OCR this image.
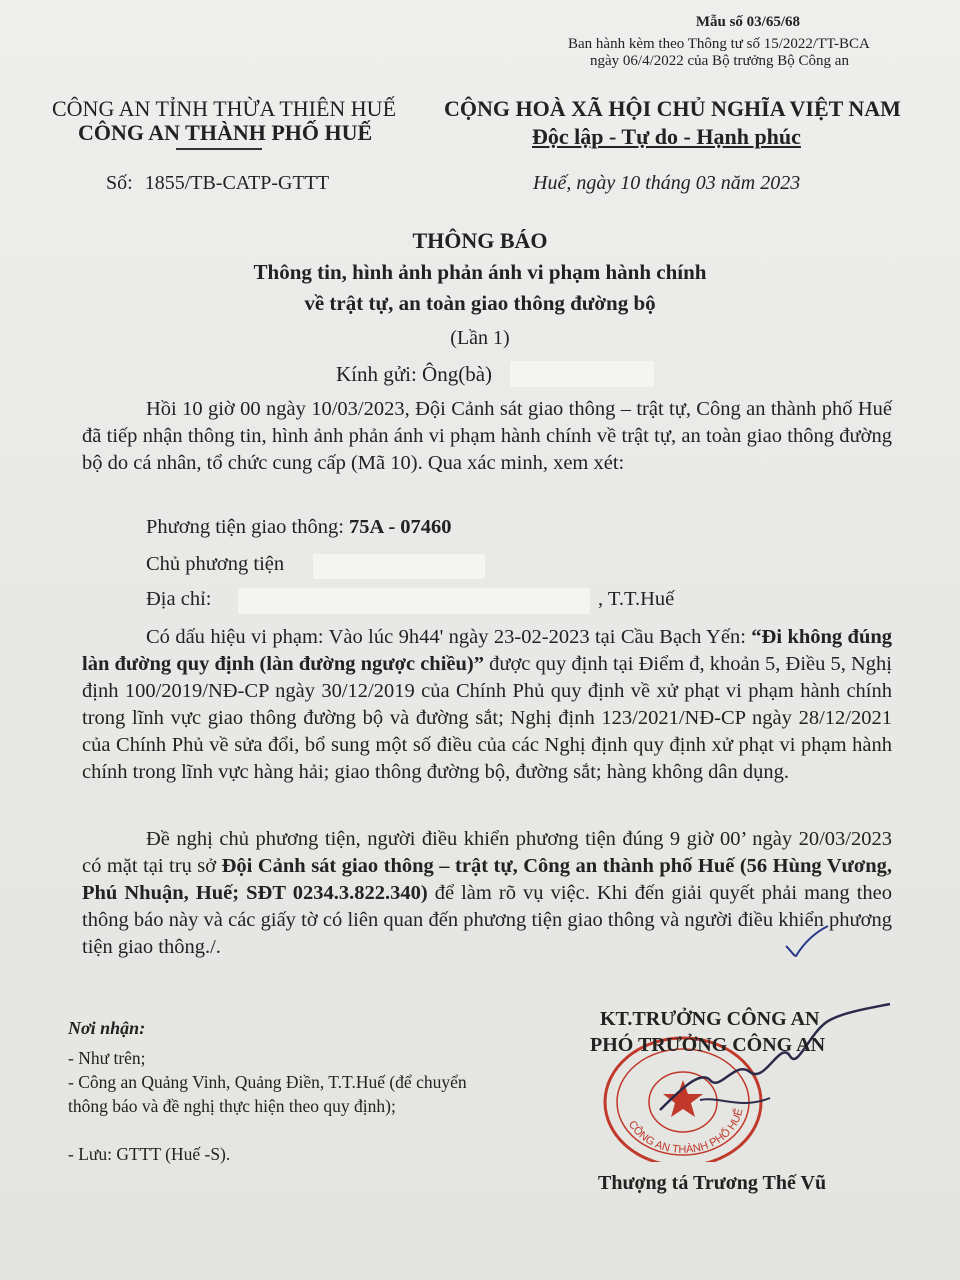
Mẫu số 03/65/68
Ban hành kèm theo Thông tư số 15/2022/TT-BCA
ngày 06/4/2022 của Bộ trưởng Bộ Công an
CÔNG AN TỈNH THỪA THIÊN HUẾ
CÔNG AN THÀNH PHỐ HUẾ
CỘNG HOÀ XÃ HỘI CHỦ NGHĨA VIỆT NAM
Độc lập - Tự do - Hạnh phúc
Số: 1855/TB-CATP-GTTT	Huế, ngày 10 tháng 03 năm 2023
THÔNG BÁO
Thông tin, hình ảnh phản ánh vi phạm hành chính
về trật tự, an toàn giao thông đường bộ
(Lần 1)
Kính gửi: Ông(bà)
Hồi 10 giờ 00 ngày 10/03/2023, Đội Cảnh sát giao thông – trật tự, Công an thành phố Huế đã tiếp nhận thông tin, hình ảnh phản ánh vi phạm hành chính về trật tự, an toàn giao thông đường bộ do cá nhân, tổ chức cung cấp (Mã 10). Qua xác minh, xem xét:
Phương tiện giao thông: 75A - 07460
Chủ phương tiện
Địa chỉ:	, T.T.Huế
Có dấu hiệu vi phạm: Vào lúc 9h44' ngày 23-02-2023 tại Cầu Bạch Yến: “Đi không đúng làn đường quy định (làn đường ngược chiều)” được quy định tại Điểm đ, khoản 5, Điều 5, Nghị định 100/2019/NĐ-CP ngày 30/12/2019 của Chính Phủ quy định về xử phạt vi phạm hành chính trong lĩnh vực giao thông đường bộ và đường sắt; Nghị định 123/2021/NĐ-CP ngày 28/12/2021 của Chính Phủ về sửa đổi, bổ sung một số điều của các Nghị định quy định xử phạt vi phạm hành chính trong lĩnh vực hàng hải; giao thông đường bộ, đường sắt; hàng không dân dụng.
Đề nghị chủ phương tiện, người điều khiển phương tiện đúng 9 giờ 00’ ngày 20/03/2023 có mặt tại trụ sở Đội Cảnh sát giao thông – trật tự, Công an thành phố Huế (56 Hùng Vương, Phú Nhuận, Huế; SĐT 0234.3.822.340) để làm rõ vụ việc. Khi đến giải quyết phải mang theo thông báo này và các giấy tờ có liên quan đến phương tiện giao thông và người điều khiển phương tiện giao thông./.
Nơi nhận:
- Như trên;
- Công an Quảng Vinh, Quảng Điền, T.T.Huế (để chuyển thông báo và đề nghị thực hiện theo quy định);
- Lưu: GTTT (Huế -S).
CÔNG AN THÀNH PHỐ HUẾ
KT.TRƯỞNG CÔNG AN
PHÓ TRƯỞNG CÔNG AN
Thượng tá Trương Thế Vũ
